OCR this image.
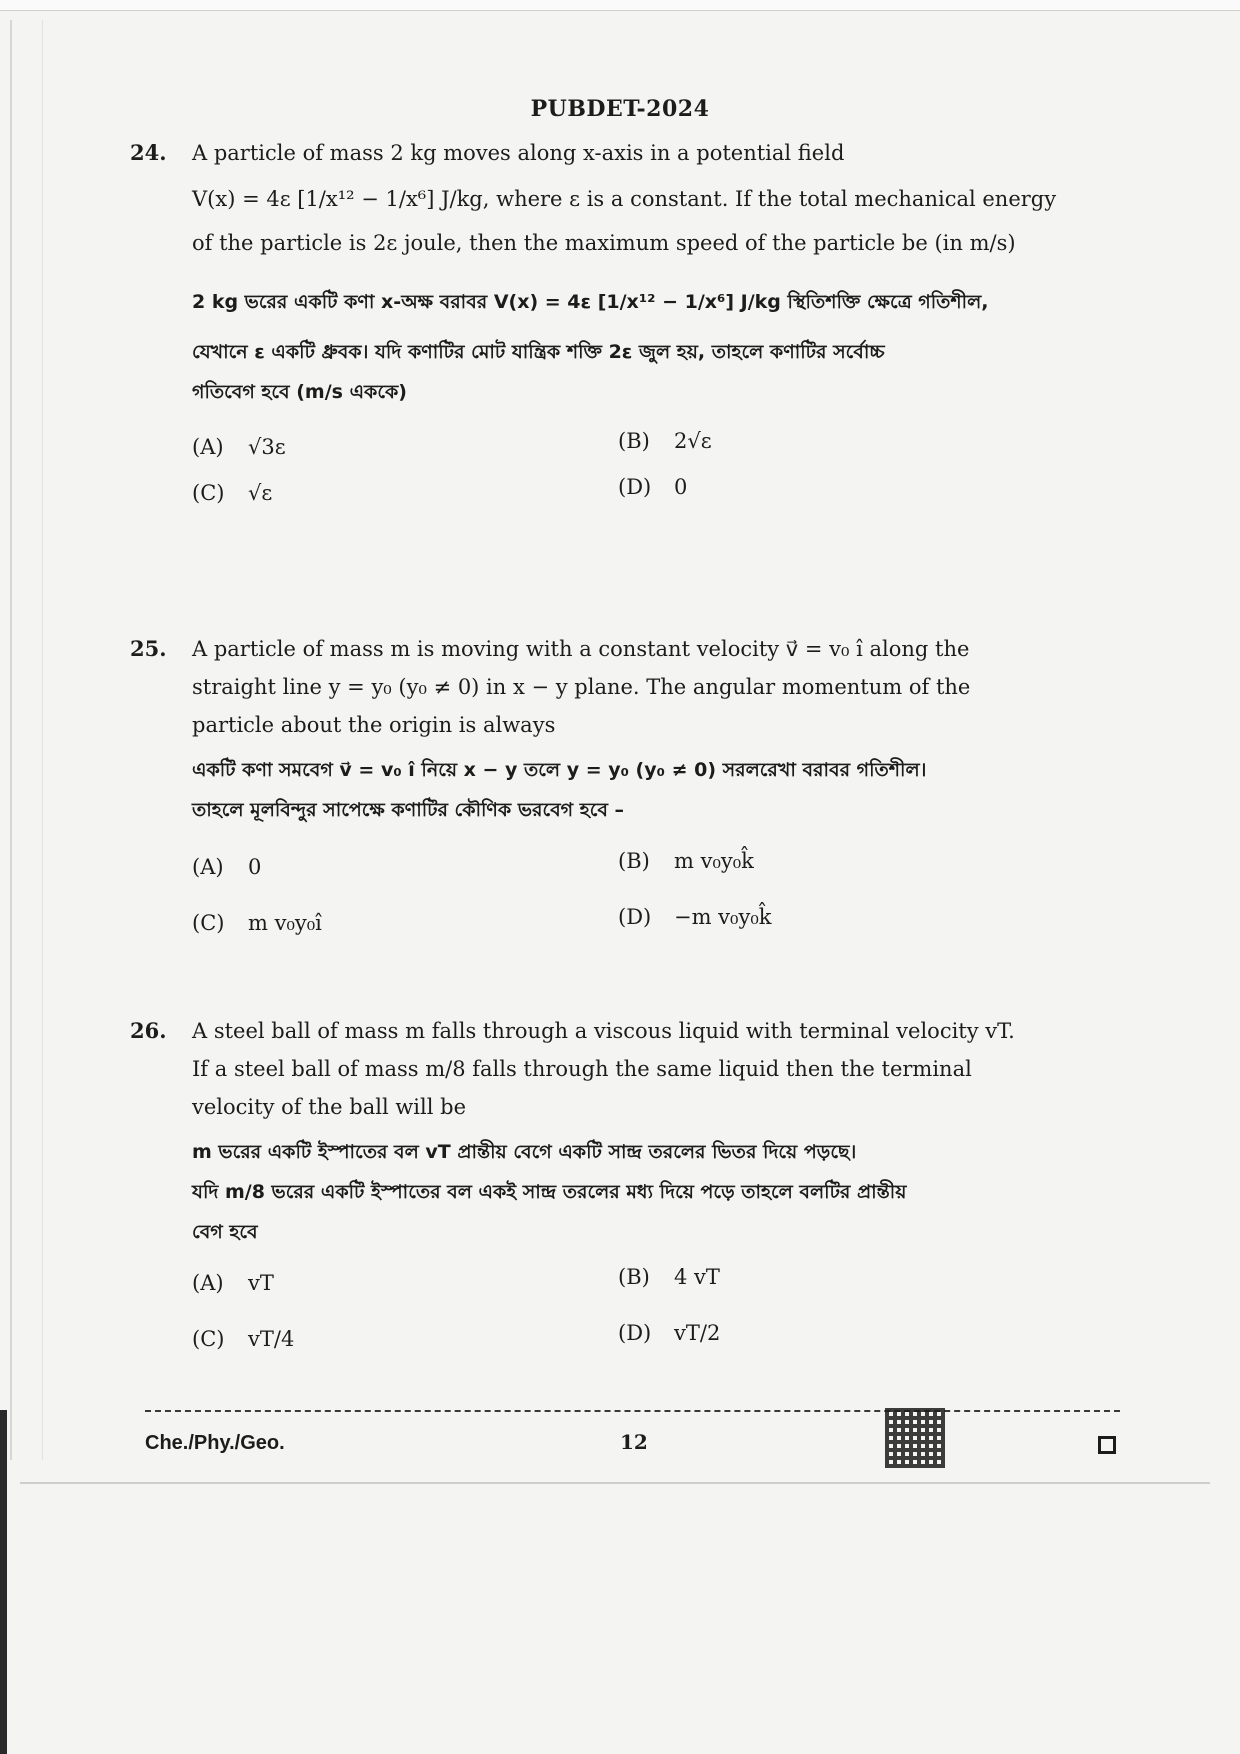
PUBDET-2024
24.	A particle of mass 2 kg moves along x-axis in a potential field
V(x) = 4ε [1/x¹² − 1/x⁶] J/kg, where ε is a constant. If the total mechanical energy
of the particle is 2ε joule, then the maximum speed of the particle be (in m/s)
2 kg ভরের একটি কণা x-অক্ষ বরাবর V(x) = 4ε [1/x¹² − 1/x⁶] J/kg স্থিতিশক্তি ক্ষেত্রে গতিশীল,
যেখানে ε একটি ধ্রুবক। যদি কণাটির মোট যান্ত্রিক শক্তি 2ε জুল হয়, তাহলে কণাটির সর্বোচ্চ
গতিবেগ হবে (m/s এককে)
(A) √3ε	(B) 2√ε
(C) √ε	(D) 0
25.	A particle of mass m is moving with a constant velocity v⃗ = v₀ î along the
straight line y = y₀ (y₀ ≠ 0) in x − y plane. The angular momentum of the
particle about the origin is always
একটি কণা সমবেগ v⃗ = v₀ î নিয়ে x − y তলে y = y₀ (y₀ ≠ 0) সরলরেখা বরাবর গতিশীল।
তাহলে মূলবিন্দুর সাপেক্ষে কণাটির কৌণিক ভরবেগ হবে –
(A) 0	(B) m v₀y₀k̂
(C) m v₀y₀î	(D) −m v₀y₀k̂
26.	A steel ball of mass m falls through a viscous liquid with terminal velocity vT.
If a steel ball of mass m/8 falls through the same liquid then the terminal
velocity of the ball will be
m ভরের একটি ইস্পাতের বল vT প্রান্তীয় বেগে একটি সান্দ্র তরলের ভিতর দিয়ে পড়ছে।
যদি m/8 ভরের একটি ইস্পাতের বল একই সান্দ্র তরলের মধ্য দিয়ে পড়ে তাহলে বলটির প্রান্তীয়
বেগ হবে
(A) vT	(B) 4 vT
(C) vT/4	(D) vT/2
Che./Phy./Geo.	12
